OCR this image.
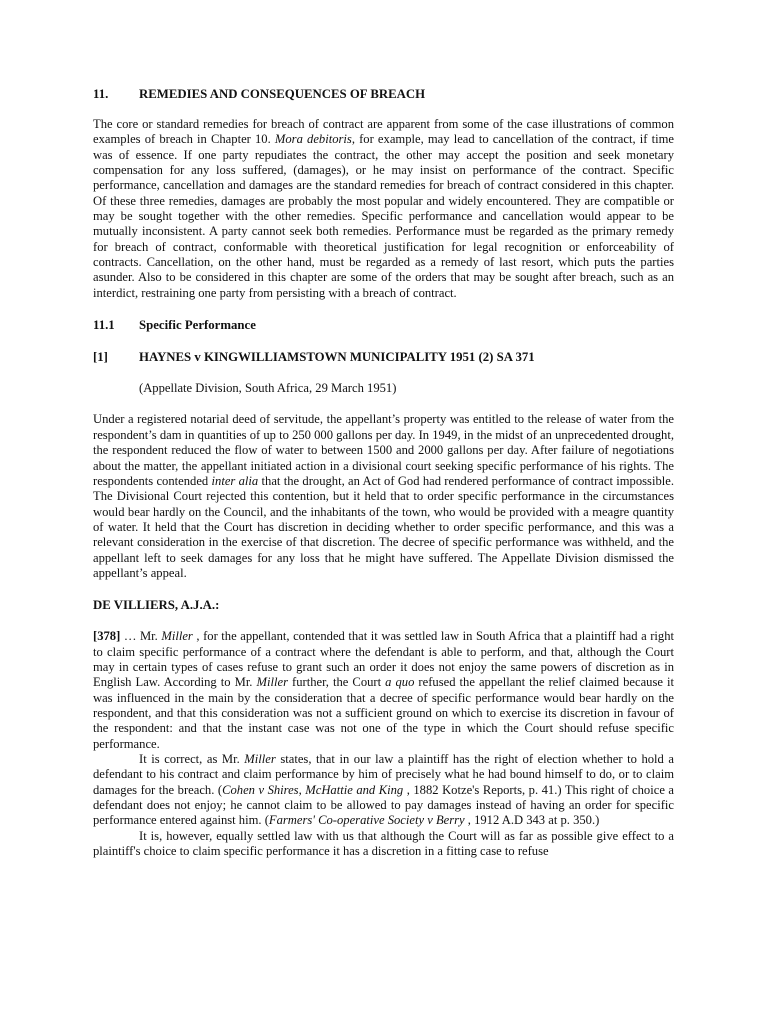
11.	REMEDIES AND CONSEQUENCES OF BREACH

The core or standard remedies for breach of contract are apparent from some of the case illustrations of common examples of breach in Chapter 10. Mora debitoris, for example, may lead to cancellation of the contract, if time was of essence. If one party repudiates the contract, the other may accept the position and seek monetary compensation for any loss suffered, (damages), or he may insist on performance of the contract. Specific performance, cancellation and damages are the standard remedies for breach of contract considered in this chapter. Of these three remedies, damages are probably the most popular and widely encountered. They are compatible or may be sought together with the other remedies. Specific performance and cancellation would appear to be mutually inconsistent. A party cannot seek both remedies. Performance must be regarded as the primary remedy for breach of contract, conformable with theoretical justification for legal recognition or enforceability of contracts. Cancellation, on the other hand, must be regarded as a remedy of last resort, which puts the parties asunder. Also to be considered in this chapter are some of the orders that may be sought after breach, such as an interdict, restraining one party from persisting with a breach of contract.

11.1	Specific Performance
[1]	HAYNES v KINGWILLIAMSTOWN MUNICIPALITY 1951 (2) SA 371

(Appellate Division, South Africa, 29 March 1951)

Under a registered notarial deed of servitude, the appellant’s property was entitled to the release of water from the respondent’s dam in quantities of up to 250 000 gallons per day. In 1949, in the midst of an unprecedented drought, the respondent reduced the flow of water to between 1500 and 2000 gallons per day. After failure of negotiations about the matter, the appellant initiated action in a divisional court seeking specific performance of his rights. The respondents contended inter alia that the drought, an Act of God had rendered performance of contract impossible. The Divisional Court rejected this contention, but it held that to order specific performance in the circumstances would bear hardly on the Council, and the inhabitants of the town, who would be provided with a meagre quantity of water. It held that the Court has discretion in deciding whether to order specific performance, and this was a relevant consideration in the exercise of that discretion. The decree of specific performance was withheld, and the appellant left to seek damages for any loss that he might have suffered. The Appellate Division dismissed the appellant’s appeal.

DE VILLIERS, A.J.A.:

[378] … Mr. Miller , for the appellant, contended that it was settled law in South Africa that a plaintiff had a right to claim specific performance of a contract where the defendant is able to perform, and that, although the Court may in certain types of cases refuse to grant such an order it does not enjoy the same powers of discretion as in English Law. According to Mr. Miller further, the Court a quo refused the appellant the relief claimed because it was influenced in the main by the consideration that a decree of specific performance would bear hardly on the respondent, and that this consideration was not a sufficient ground on which to exercise its discretion in favour of the respondent: and that the instant case was not one of the type in which the Court should refuse specific performance.

It is correct, as Mr. Miller states, that in our law a plaintiff has the right of election whether to hold a defendant to his contract and claim performance by him of precisely what he had bound himself to do, or to claim damages for the breach. (Cohen v Shires, McHattie and King , 1882 Kotze's Reports, p. 41.) This right of choice a defendant does not enjoy; he cannot claim to be allowed to pay damages instead of having an order for specific performance entered against him. (Farmers' Co-operative Society v Berry , 1912 A.D 343 at p. 350.)

It is, however, equally settled law with us that although the Court will as far as possible give effect to a plaintiff's choice to claim specific performance it has a discretion in a fitting case to refuse
